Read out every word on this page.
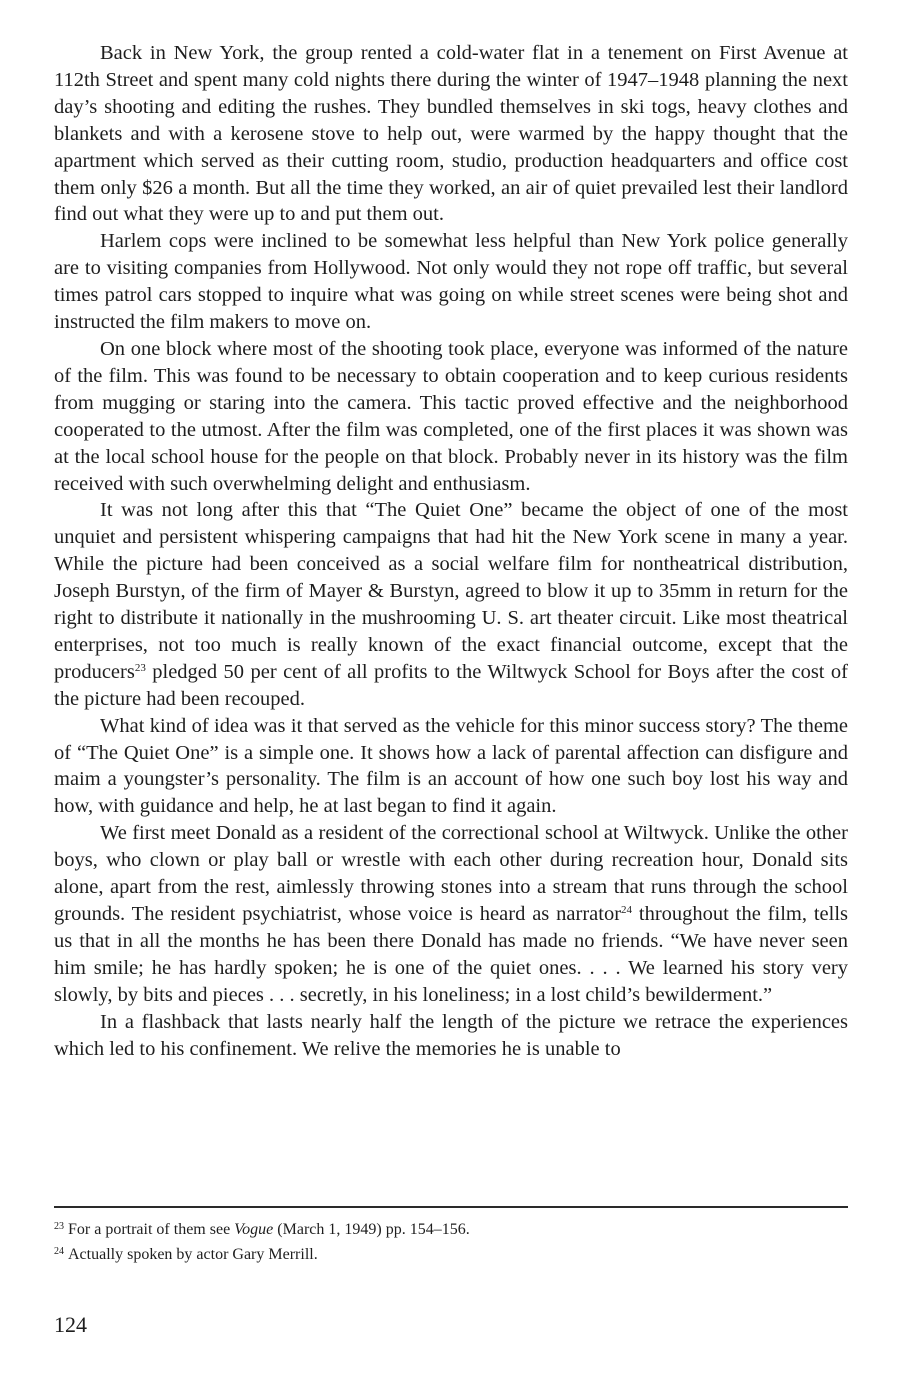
Back in New York, the group rented a cold-water flat in a tenement on First Avenue at 112th Street and spent many cold nights there during the winter of 1947–1948 planning the next day’s shooting and editing the rushes. They bundled themselves in ski togs, heavy clothes and blankets and with a kerosene stove to help out, were warmed by the happy thought that the apartment which served as their cutting room, studio, production headquarters and office cost them only $26 a month. But all the time they worked, an air of quiet prevailed lest their landlord find out what they were up to and put them out.

Harlem cops were inclined to be somewhat less helpful than New York police generally are to visiting companies from Hollywood. Not only would they not rope off traffic, but several times patrol cars stopped to inquire what was going on while street scenes were being shot and instructed the film makers to move on.

On one block where most of the shooting took place, everyone was informed of the nature of the film. This was found to be necessary to obtain cooperation and to keep curious residents from mugging or staring into the camera. This tactic proved effective and the neighborhood cooperated to the utmost. After the film was completed, one of the first places it was shown was at the local school house for the people on that block. Probably never in its history was the film received with such overwhelming delight and enthusiasm.

It was not long after this that “The Quiet One” became the object of one of the most unquiet and persistent whispering campaigns that had hit the New York scene in many a year. While the picture had been conceived as a social welfare film for nontheatrical distribution, Joseph Burstyn, of the firm of Mayer & Burstyn, agreed to blow it up to 35mm in return for the right to distribute it nationally in the mushrooming U. S. art theater circuit. Like most theatrical enterprises, not too much is really known of the exact financial outcome, except that the producers$^{23}$ pledged 50 per cent of all profits to the Wiltwyck School for Boys after the cost of the picture had been recouped.

What kind of idea was it that served as the vehicle for this minor success story? The theme of “The Quiet One” is a simple one. It shows how a lack of parental affection can disfigure and maim a youngster’s personality. The film is an account of how one such boy lost his way and how, with guidance and help, he at last began to find it again.

We first meet Donald as a resident of the correctional school at Wiltwyck. Unlike the other boys, who clown or play ball or wrestle with each other during recreation hour, Donald sits alone, apart from the rest, aimlessly throwing stones into a stream that runs through the school grounds. The resident psychiatrist, whose voice is heard as narrator$^{24}$ throughout the film, tells us that in all the months he has been there Donald has made no friends. “We have never seen him smile; he has hardly spoken; he is one of the quiet ones. . . . We learned his story very slowly, by bits and pieces . . . secretly, in his loneliness; in a lost child’s bewilderment.”

In a flashback that lasts nearly half the length of the picture we retrace the experiences which led to his confinement. We relive the memories he is unable to

$^{23}$ For a portrait of them see Vogue (March 1, 1949) pp. 154–156.

$^{24}$ Actually spoken by actor Gary Merrill.

124
